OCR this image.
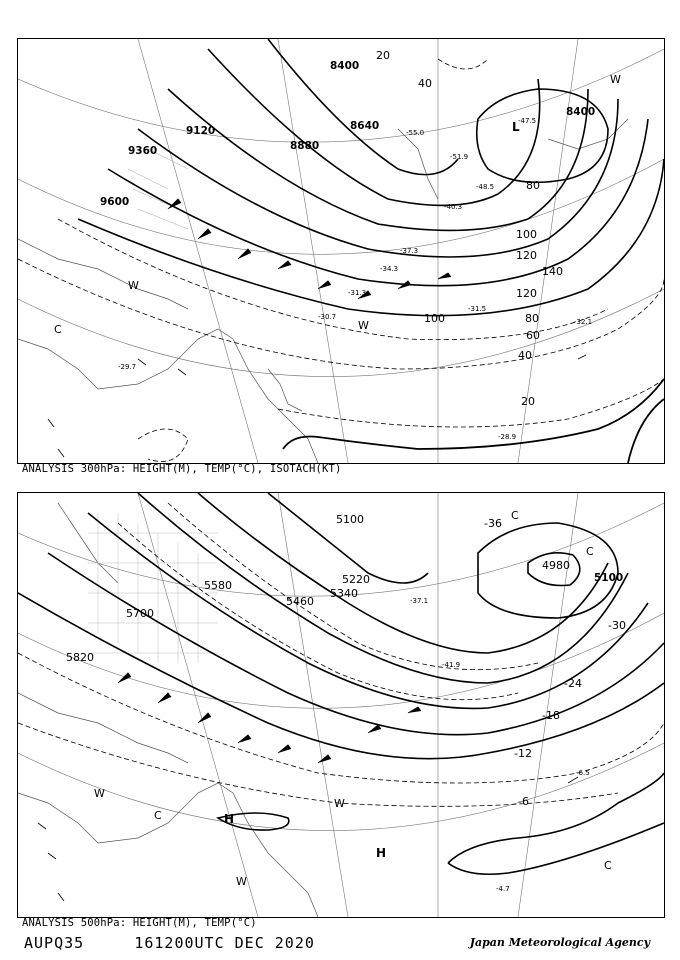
8400
8640
8400
9120
9360	8880
9600
20
40
60
80
100
120
140
20
40
80
100
120
-51.9
-48.5
-40.3
-37.3
-34.3
-31.3
-31.5
-30.7
-29.7
-28.9
-32.1
-55.0
-47.5
L
W
W
C	W
ANALYSIS 300hPa: HEIGHT(M), TEMP(°C), ISOTACH(KT)
5100
5220
5340
5460
5580
5700
5820
4980
5100
-30
-24
-18
-12
-6
-36
-41.9
-37.1
-6.5
-4.7
H
H
C
C
C
W
W
W
C
ANALYSIS 500hPa: HEIGHT(M), TEMP(°C)
AUPQ35	161200UTC DEC 2020	Japan Meteorological Agency
